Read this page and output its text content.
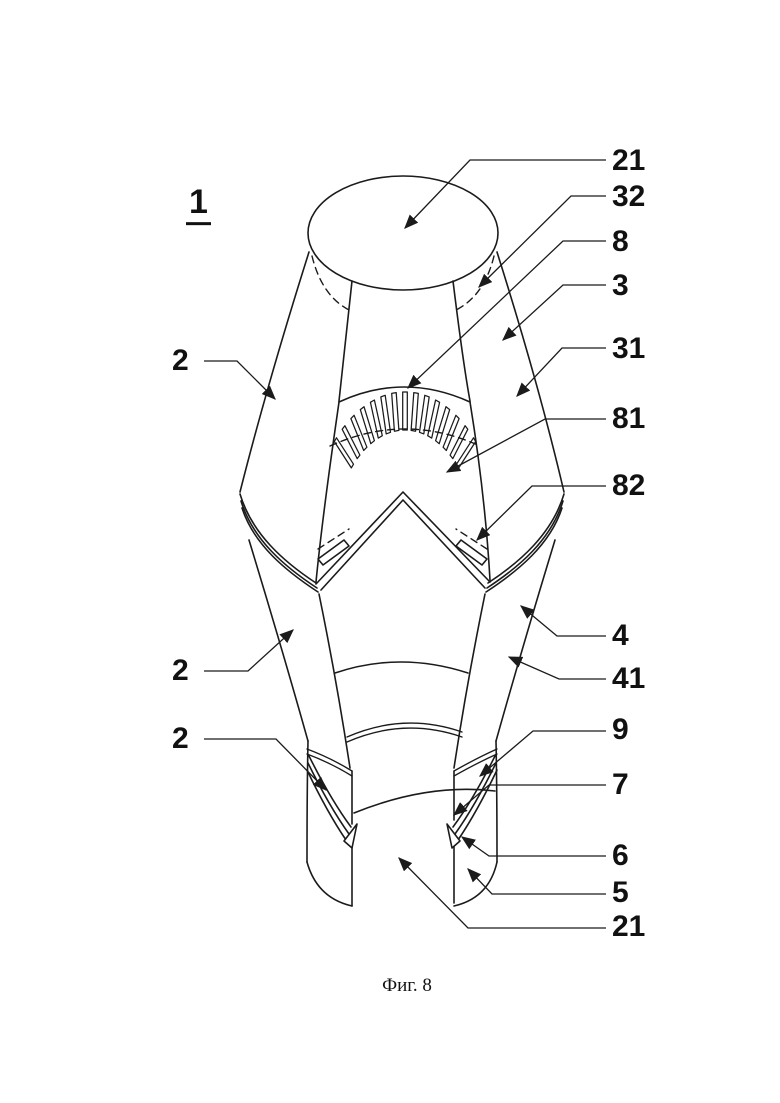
1
21
32
8
3
31
81
82
4
41
9
7
6
5
21
2
2
2
Фиг. 8
